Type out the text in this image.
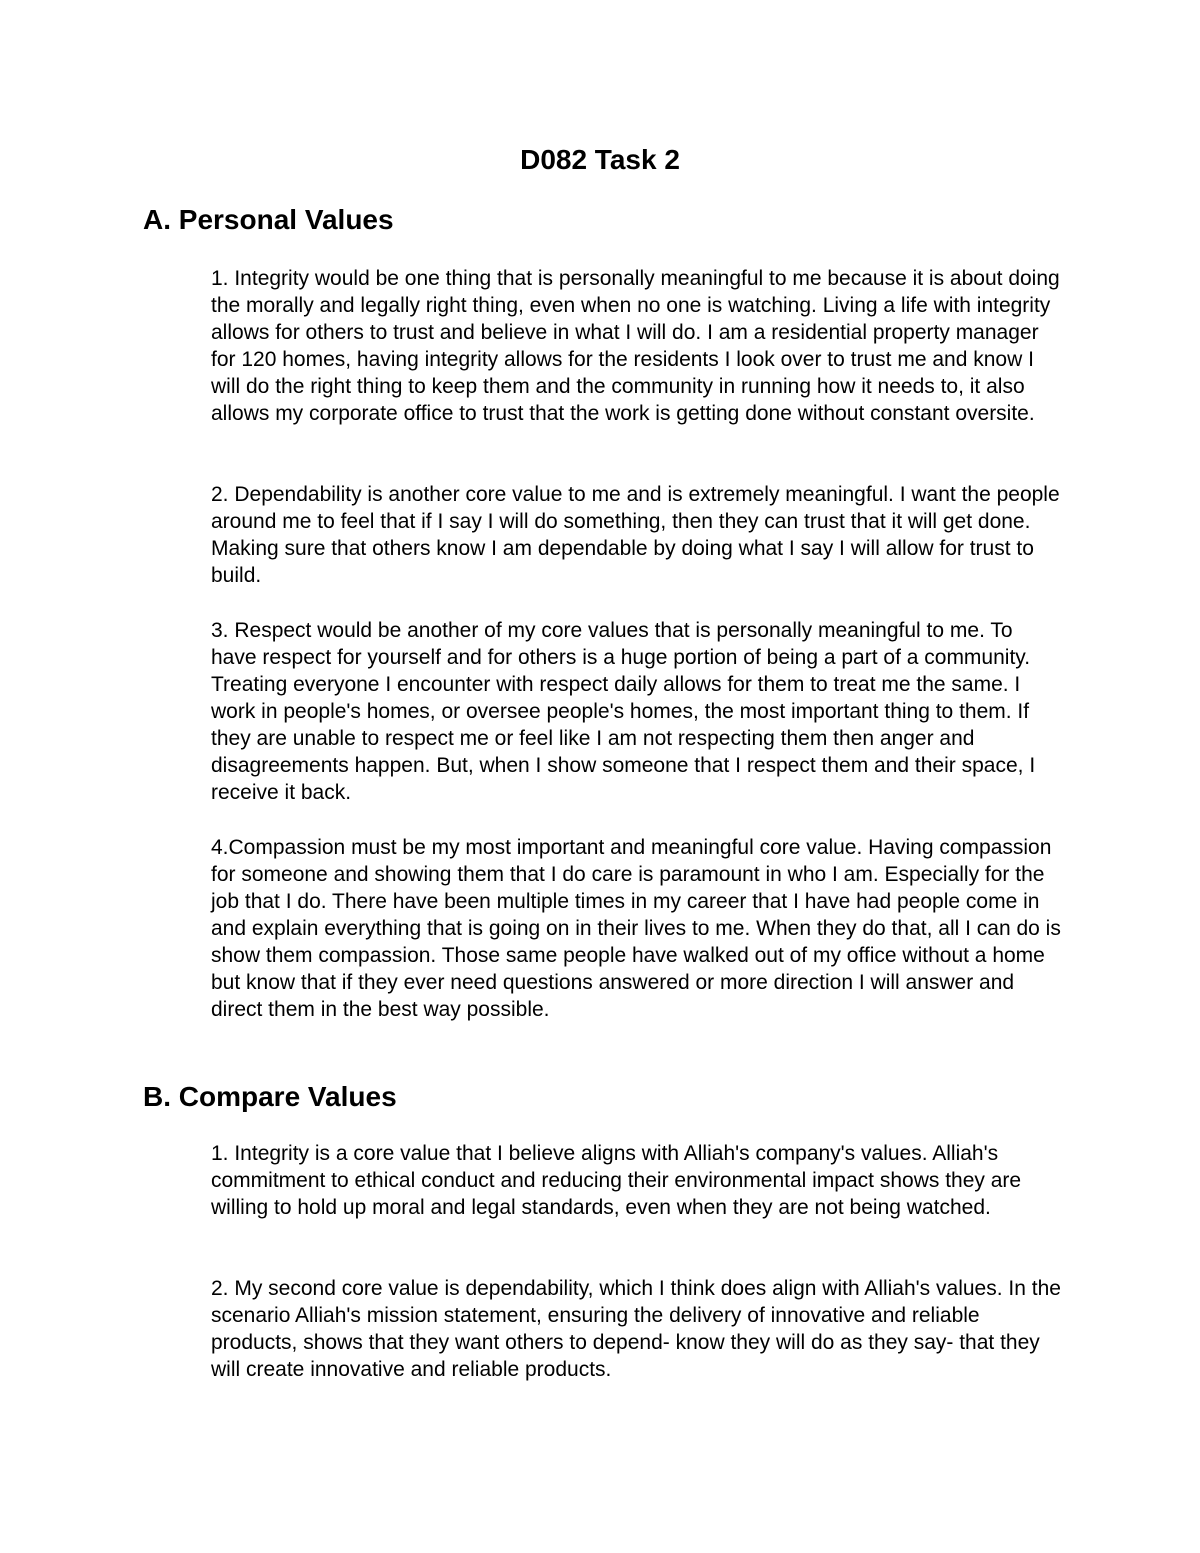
D082 Task 2
A. Personal Values

1. Integrity would be one thing that is personally meaningful to me because it is about doing the morally and legally right thing, even when no one is watching. Living a life with integrity allows for others to trust and believe in what I will do. I am a residential property manager for 120 homes, having integrity allows for the residents I look over to trust me and know I will do the right thing to keep them and the community in running how it needs to, it also allows my corporate office to trust that the work is getting done without constant oversite.

2. Dependability is another core value to me and is extremely meaningful. I want the people around me to feel that if I say I will do something, then they can trust that it will get done. Making sure that others know I am dependable by doing what I say I will allow for trust to build.

3. Respect would be another of my core values that is personally meaningful to me. To have respect for yourself and for others is a huge portion of being a part of a community. Treating everyone I encounter with respect daily allows for them to treat me the same. I work in people's homes, or oversee people's homes, the most important thing to them. If they are unable to respect me or feel like I am not respecting them then anger and disagreements happen. But, when I show someone that I respect them and their space, I receive it back.

4.Compassion must be my most important and meaningful core value. Having compassion for someone and showing them that I do care is paramount in who I am. Especially for the job that I do. There have been multiple times in my career that I have had people come in and explain everything that is going on in their lives to me. When they do that, all I can do is show them compassion. Those same people have walked out of my office without a home but know that if they ever need questions answered or more direction I will answer and direct them in the best way possible.

B. Compare Values

1. Integrity is a core value that I believe aligns with Alliah's company's values. Alliah's commitment to ethical conduct and reducing their environmental impact shows they are willing to hold up moral and legal standards, even when they are not being watched.

2. My second core value is dependability, which I think does align with Alliah's values. In the scenario Alliah's mission statement, ensuring the delivery of innovative and reliable products, shows that they want others to depend- know they will do as they say- that they will create innovative and reliable products.
